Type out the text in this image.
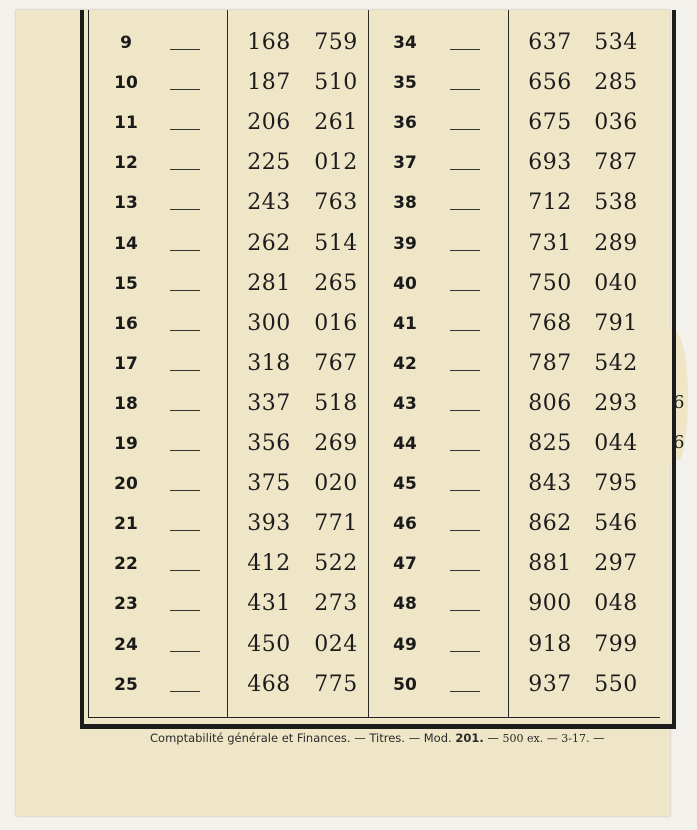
6
6
9	168 759
10	187 510
11	206 261
12	225 012
13	243 763
14	262 514
15	281 265
16	300 016
17	318 767
18	337 518
19	356 269
20	375 020
21	393 771
22	412 522
23	431 273
24	450 024
25	468 775
34	637 534
35	656 285
36	675 036
37	693 787
38	712 538
39	731 289
40	750 040
41	768 791
42	787 542
43	806 293
44	825 044
45	843 795
46	862 546
47	881 297
48	900 048
49	918 799
50	937 550
Comptabilité générale et Finances. — Titres. — Mod. 201. — 500 ex. — 3-17. —
